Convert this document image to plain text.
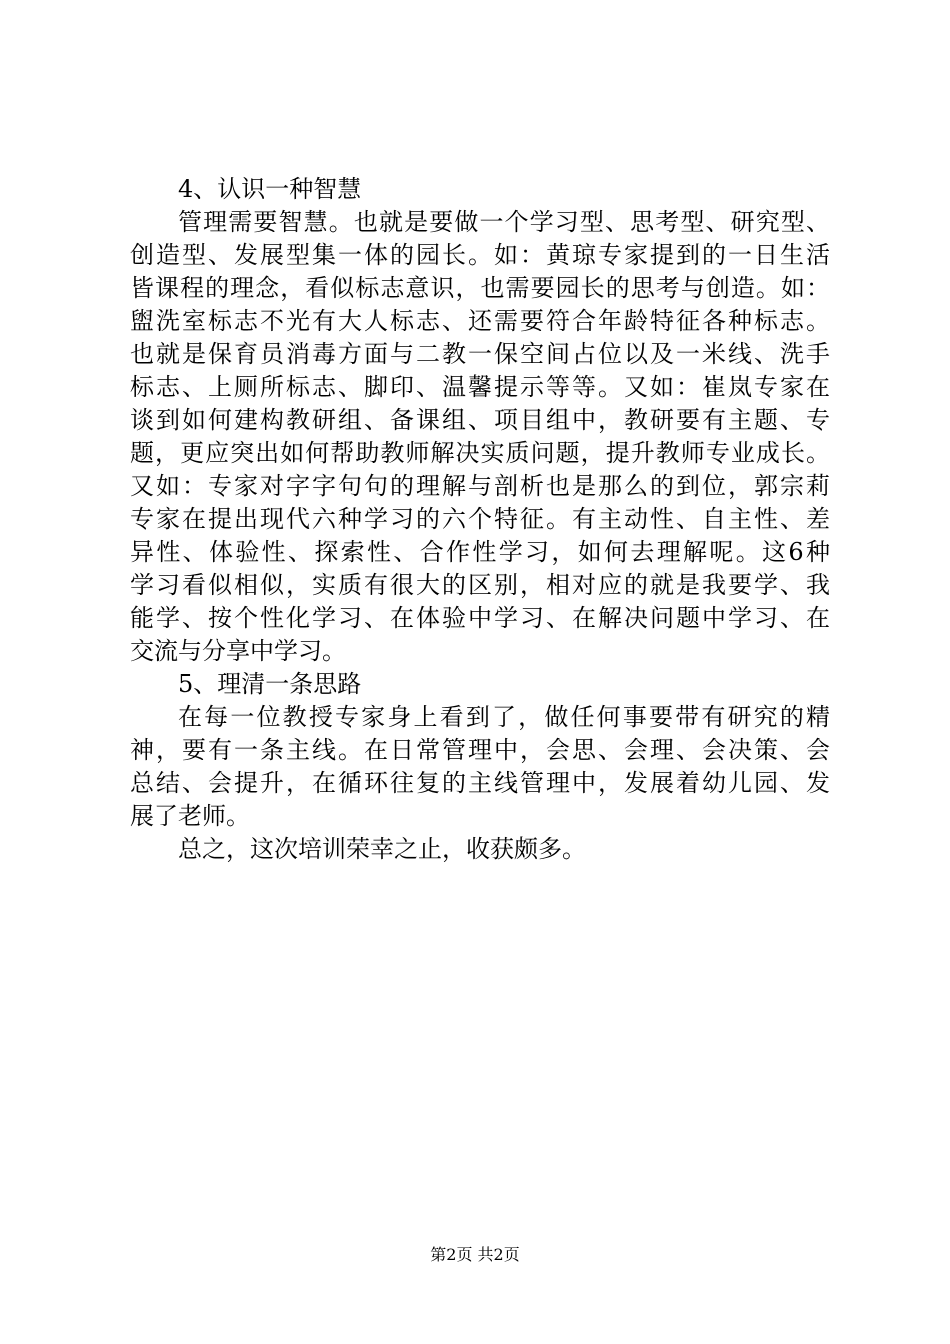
4、认识一种智慧
管理需要智慧。也就是要做一个学习型、思考型、研究型、
创造型、发展型集一体的园长。如：黄琼专家提到的一日生活
皆课程的理念，看似标志意识，也需要园长的思考与创造。如：
盥洗室标志不光有大人标志、还需要符合年龄特征各种标志。
也就是保育员消毒方面与二教一保空间占位以及一米线、洗手
标志、上厕所标志、脚印、温馨提示等等。又如：崔岚专家在
谈到如何建构教研组、备课组、项目组中，教研要有主题、专
题，更应突出如何帮助教师解决实质问题，提升教师专业成长。
又如：专家对字字句句的理解与剖析也是那么的到位，郭宗莉
专家在提出现代六种学习的六个特征。有主动性、自主性、差
异性、体验性、探索性、合作性学习，如何去理解呢。这6种
学习看似相似，实质有很大的区别，相对应的就是我要学、我
能学、按个性化学习、在体验中学习、在解决问题中学习、在
交流与分享中学习。
5、理清一条思路
在每一位教授专家身上看到了，做任何事要带有研究的精
神，要有一条主线。在日常管理中，会思、会理、会决策、会
总结、会提升，在循环往复的主线管理中，发展着幼儿园、发
展了老师。
总之，这次培训荣幸之止，收获颇多。
第2页 共2页
